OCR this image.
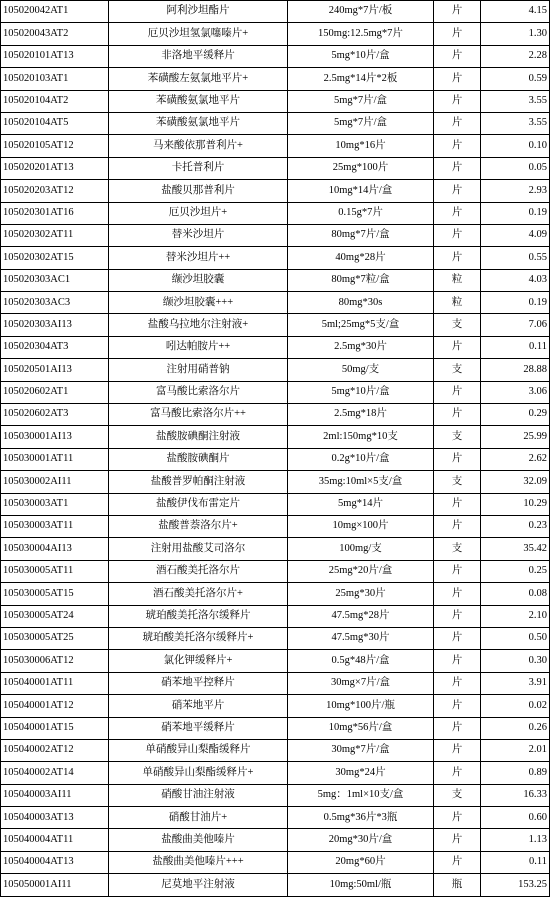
105020042AT1	阿利沙坦酯片	240mg*7片/板	片	4.15
105020043AT2	厄贝沙坦氢氯噻嗪片+	150mg:12.5mg*7片	片	1.30
105020101AT13	非洛地平缓释片	5mg*10片/盒	片	2.28
105020103AT1	苯磺酸左氨氯地平片+	2.5mg*14片*2板	片	0.59
105020104AT2	苯磺酸氨氯地平片	5mg*7片/盒	片	3.55
105020104AT5	苯磺酸氨氯地平片	5mg*7片/盒	片	3.55
105020105AT12	马来酸依那普利片+	10mg*16片	片	0.10
105020201AT13	卡托普利片	25mg*100片	片	0.05
105020203AT12	盐酸贝那普利片	10mg*14片/盒	片	2.93
105020301AT16	厄贝沙坦片+	0.15g*7片	片	0.19
105020302AT11	替米沙坦片	80mg*7片/盒	片	4.09
105020302AT15	替米沙坦片++	40mg*28片	片	0.55
105020303AC1	缬沙坦胶囊	80mg*7粒/盒	粒	4.03
105020303AC3	缬沙坦胶囊+++	80mg*30s	粒	0.19
105020303AI13	盐酸乌拉地尔注射液+	5ml;25mg*5支/盒	支	7.06
105020304AT3	吲达帕胺片++	2.5mg*30片	片	0.11
105020501AI13	注射用硝普钠	50mg/支	支	28.88
105020602AT1	富马酸比索洛尔片	5mg*10片/盒	片	3.06
105020602AT3	富马酸比索洛尔片++	2.5mg*18片	片	0.29
105030001AI13	盐酸胺碘酮注射液	2ml:150mg*10支	支	25.99
105030001AT11	盐酸胺碘酮片	0.2g*10片/盒	片	2.62
105030002AI11	盐酸普罗帕酮注射液	35mg:10ml×5支/盒	支	32.09
105030003AT1	盐酸伊伐布雷定片	5mg*14片	片	10.29
105030003AT11	盐酸普萘洛尔片+	10mg×100片	片	0.23
105030004AI13	注射用盐酸艾司洛尔	100mg/支	支	35.42
105030005AT11	酒石酸美托洛尔片	25mg*20片/盒	片	0.25
105030005AT15	酒石酸美托洛尔片+	25mg*30片	片	0.08
105030005AT24	琥珀酸美托洛尔缓释片	47.5mg*28片	片	2.10
105030005AT25	琥珀酸美托洛尔缓释片+	47.5mg*30片	片	0.50
105030006AT12	氯化钾缓释片+	0.5g*48片/盒	片	0.30
105040001AT11	硝苯地平控释片	30mg×7片/盒	片	3.91
105040001AT12	硝苯地平片	10mg*100片/瓶	片	0.02
105040001AT15	硝苯地平缓释片	10mg*56片/盒	片	0.26
105040002AT12	单硝酸异山梨酯缓释片	30mg*7片/盒	片	2.01
105040002AT14	单硝酸异山梨酯缓释片+	30mg*24片	片	0.89
105040003AI11	硝酸甘油注射液	5mg：1ml×10支/盒	支	16.33
105040003AT13	硝酸甘油片+	0.5mg*36片*3瓶	片	0.60
105040004AT11	盐酸曲美他嗪片	20mg*30片/盒	片	1.13
105040004AT13	盐酸曲美他嗪片+++	20mg*60片	片	0.11
105050001AI11	尼莫地平注射液	10mg:50ml/瓶	瓶	153.25
